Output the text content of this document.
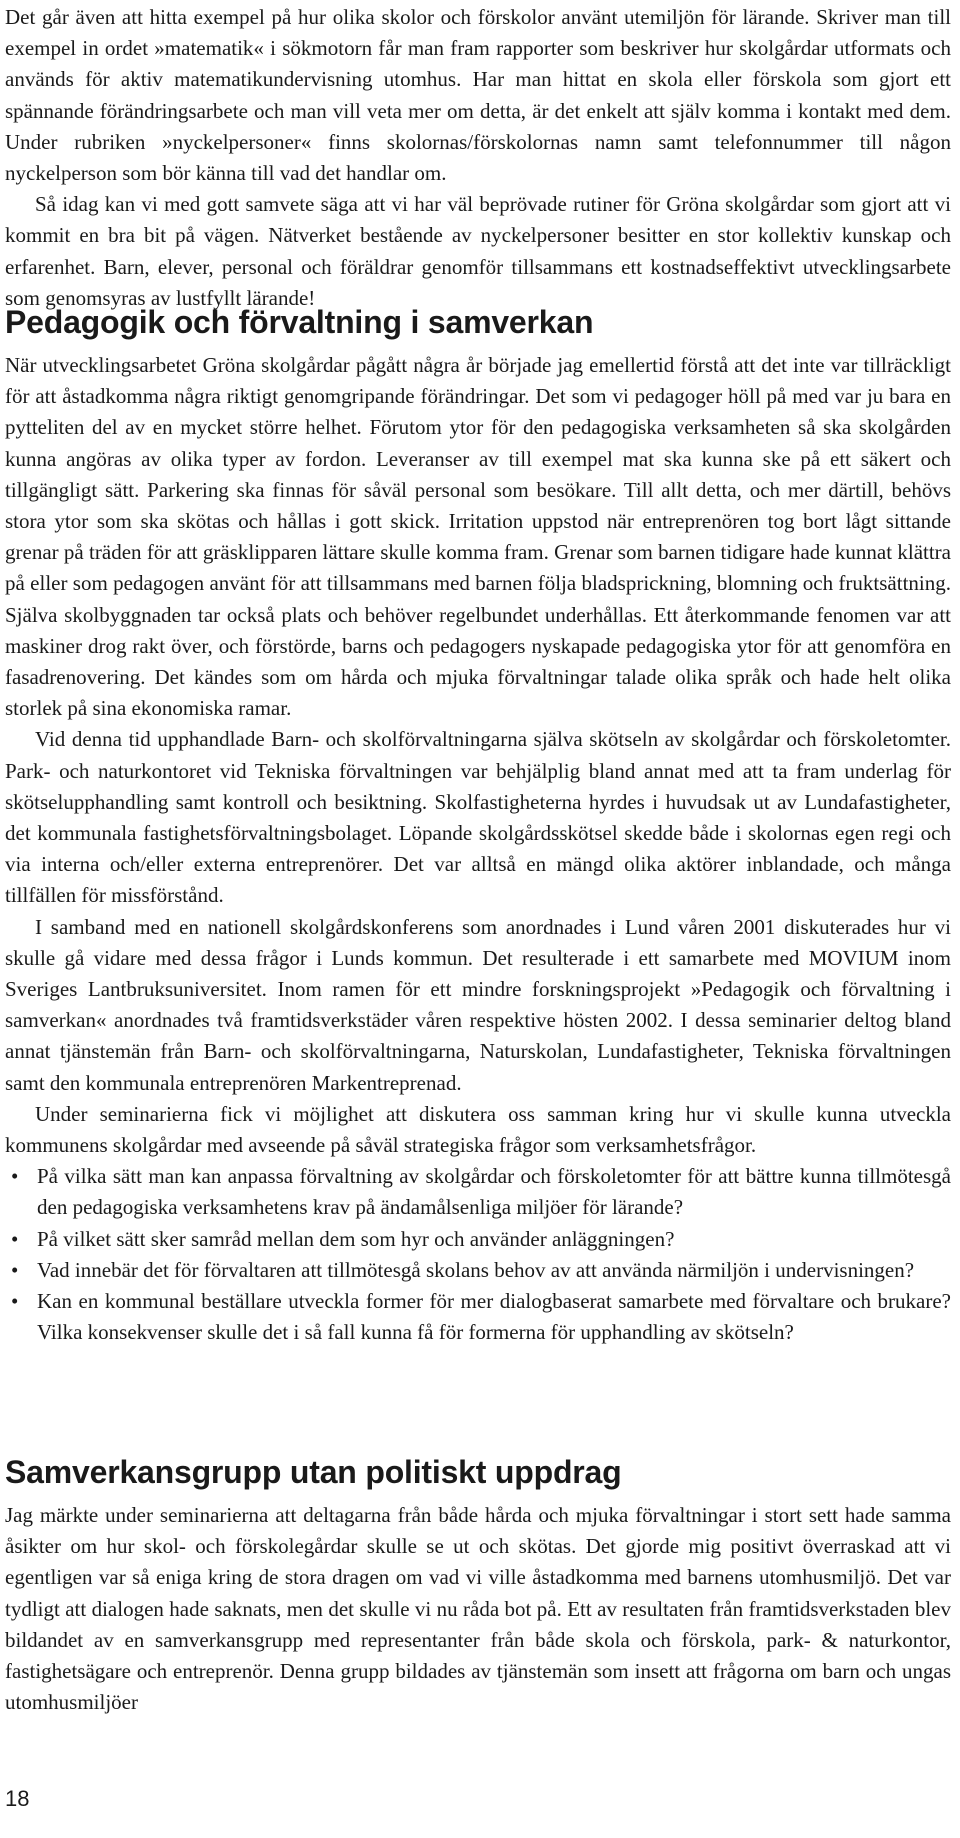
Det går även att hitta exempel på hur olika skolor och förskolor använt utemiljön för lärande. Skriver man till exempel in ordet »matematik« i sökmotorn får man fram rapporter som beskriver hur skolgårdar utformats och används för aktiv matematikundervisning utomhus. Har man hittat en skola eller förskola som gjort ett spännande förändringsarbete och man vill veta mer om detta, är det enkelt att själv komma i kontakt med dem. Under rubriken »nyckelpersoner« finns skolornas/förskolornas namn samt telefonnummer till någon nyckelperson som bör känna till vad det handlar om.

Så idag kan vi med gott samvete säga att vi har väl beprövade rutiner för Gröna skolgårdar som gjort att vi kommit en bra bit på vägen. Nätverket bestående av nyckelpersoner besitter en stor kollektiv kunskap och erfarenhet. Barn, elever, personal och föräldrar genomför tillsammans ett kostnadseffektivt utvecklingsarbete som genomsyras av lustfyllt lärande!

Pedagogik och förvaltning i samverkan

När utvecklingsarbetet Gröna skolgårdar pågått några år började jag emellertid förstå att det inte var tillräckligt för att åstadkomma några riktigt genomgripande förändringar. Det som vi pedagoger höll på med var ju bara en pytteliten del av en mycket större helhet. Förutom ytor för den pedagogiska verksamheten så ska skolgården kunna angöras av olika typer av fordon. Leveranser av till exempel mat ska kunna ske på ett säkert och tillgängligt sätt. Parkering ska finnas för såväl personal som besökare. Till allt detta, och mer därtill, behövs stora ytor som ska skötas och hållas i gott skick. Irritation uppstod när entreprenören tog bort lågt sittande grenar på träden för att gräsklipparen lättare skulle komma fram. Grenar som barnen tidigare hade kunnat klättra på eller som pedagogen använt för att tillsammans med barnen följa bladsprickning, blomning och fruktsättning. Själva skolbyggnaden tar också plats och behöver regelbundet underhållas. Ett återkommande fenomen var att maskiner drog rakt över, och förstörde, barns och pedagogers nyskapade pedagogiska ytor för att genomföra en fasadrenovering. Det kändes som om hårda och mjuka förvaltningar talade olika språk och hade helt olika storlek på sina ekonomiska ramar.

Vid denna tid upphandlade Barn- och skolförvaltningarna själva skötseln av skolgårdar och förskoletomter. Park- och naturkontoret vid Tekniska förvaltningen var behjälplig bland annat med att ta fram underlag för skötselupphandling samt kontroll och besiktning. Skolfastigheterna hyrdes i huvudsak ut av Lundafastigheter, det kommunala fastighetsförvaltningsbolaget. Löpande skolgårdsskötsel skedde både i skolornas egen regi och via interna och/eller externa entreprenörer. Det var alltså en mängd olika aktörer inblandade, och många tillfällen för missförstånd.

I samband med en nationell skolgårdskonferens som anordnades i Lund våren 2001 diskuterades hur vi skulle gå vidare med dessa frågor i Lunds kommun. Det resulterade i ett samarbete med MOVIUM inom Sveriges Lantbruksuniversitet. Inom ramen för ett mindre forskningsprojekt »Pedagogik och förvaltning i samverkan« anordnades två framtidsverkstäder våren respektive hösten 2002. I dessa seminarier deltog bland annat tjänstemän från Barn- och skolförvaltningarna, Naturskolan, Lundafastigheter, Tekniska förvaltningen samt den kommunala entreprenören Markentreprenad.

Under seminarierna fick vi möjlighet att diskutera oss samman kring hur vi skulle kunna utveckla kommunens skolgårdar med avseende på såväl strategiska frågor som verksamhetsfrågor.

• På vilka sätt man kan anpassa förvaltning av skolgårdar och förskoletomter för att bättre kunna tillmötesgå den pedagogiska verksamhetens krav på ändamålsenliga miljöer för lärande?
• På vilket sätt sker samråd mellan dem som hyr och använder anläggningen?
• Vad innebär det för förvaltaren att tillmötesgå skolans behov av att använda närmiljön i undervisningen?
• Kan en kommunal beställare utveckla former för mer dialogbaserat samarbete med förvaltare och brukare? Vilka konsekvenser skulle det i så fall kunna få för formerna för upphandling av skötseln?
Samverkansgrupp utan politiskt uppdrag

Jag märkte under seminarierna att deltagarna från både hårda och mjuka förvaltningar i stort sett hade samma åsikter om hur skol- och förskolegårdar skulle se ut och skötas. Det gjorde mig positivt överraskad att vi egentligen var så eniga kring de stora dragen om vad vi ville åstadkomma med barnens utomhusmiljö. Det var tydligt att dialogen hade saknats, men det skulle vi nu råda bot på. Ett av resultaten från framtidsverkstaden blev bildandet av en samverkansgrupp med representanter från både skola och förskola, park- & naturkontor, fastighetsägare och entreprenör. Denna grupp bildades av tjänstemän som insett att frågorna om barn och ungas utomhusmiljöer

18
